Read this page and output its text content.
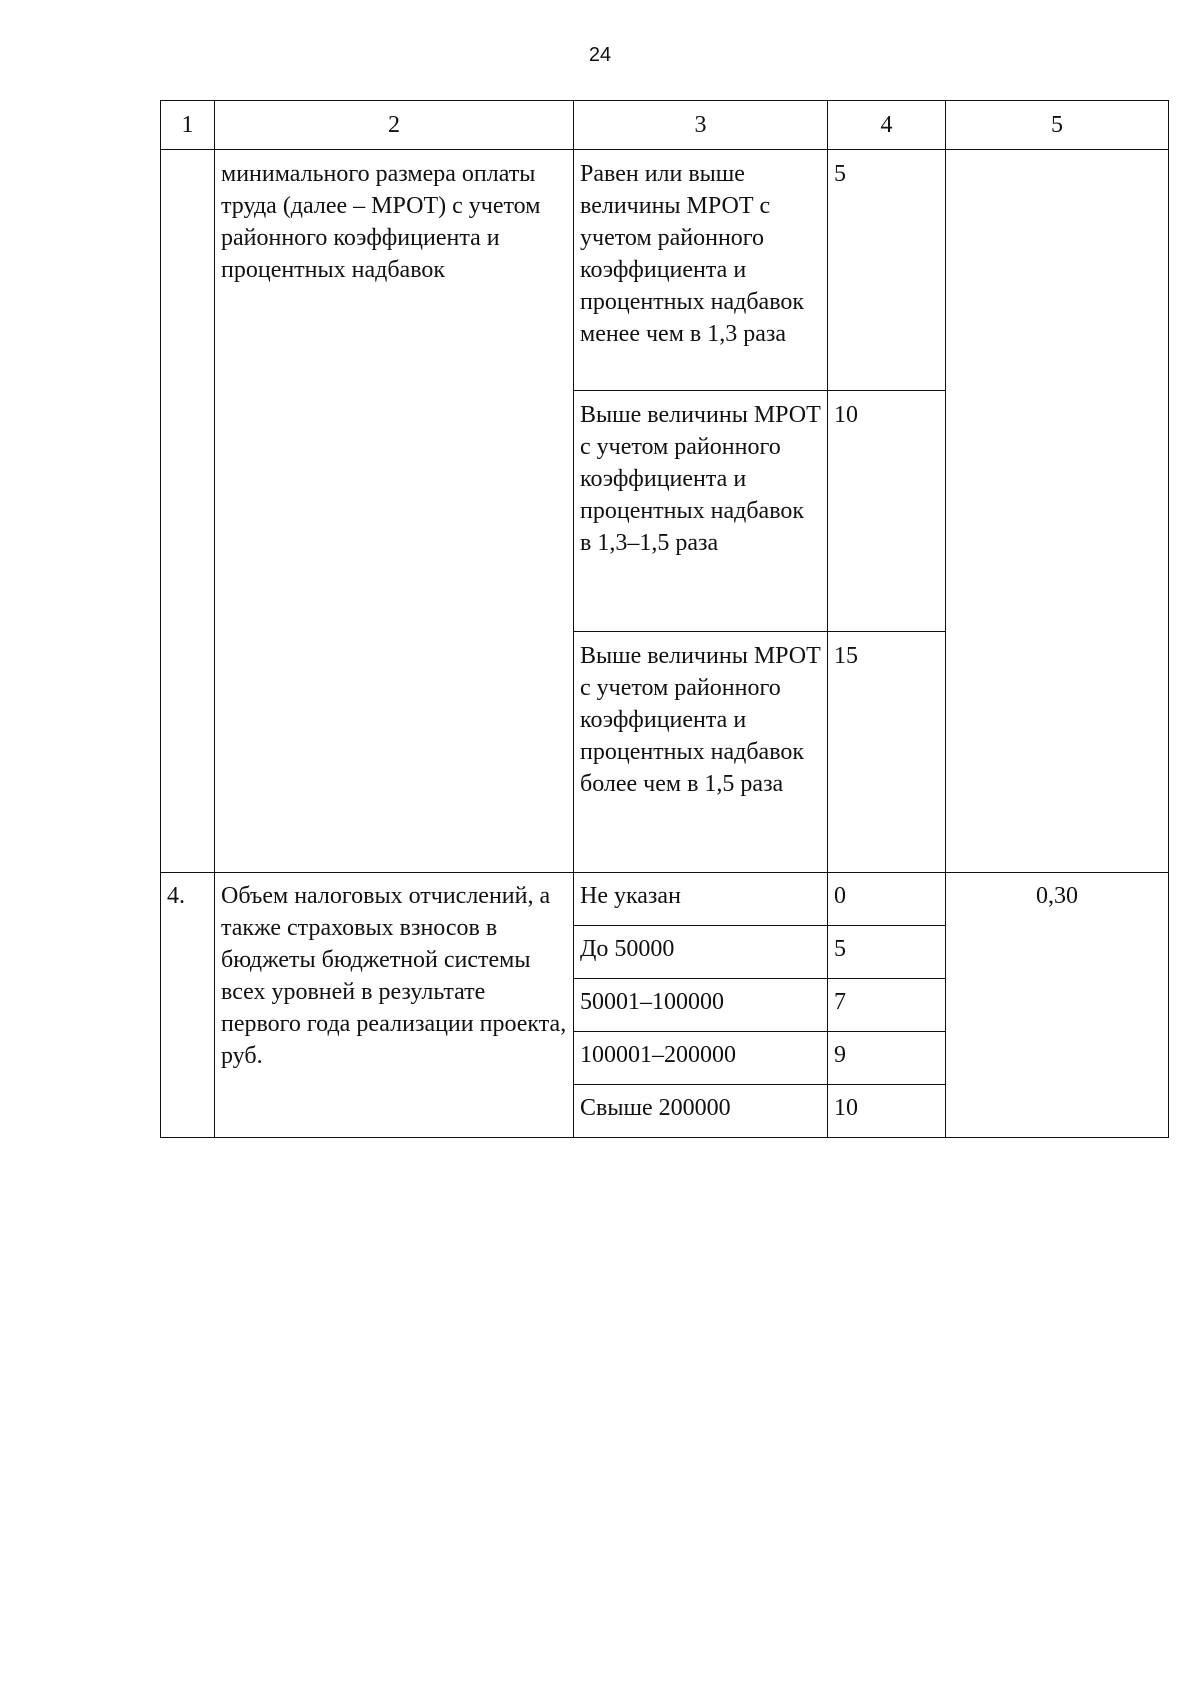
24
1	2	3	4	5
	минимального размера оплаты труда (далее – МРОТ) с учетом районного коэффициента и процентных надбавок	Равен или выше величины МРОТ с учетом районного коэффициента и процентных надбавок менее чем в 1,3 раза	5	
		Выше величины МРОТ с учетом районного коэффициента и процентных надбавок в 1,3–1,5 раза	10	
		Выше величины МРОТ с учетом районного коэффициента и процентных надбавок более чем в 1,5 раза	15	
4.	Объем налоговых отчислений, а также страховых взносов в бюджеты бюджетной системы всех уровней в результате первого года реализации проекта, руб.	Не указан	0	0,30
		До 50000	5	
		50001–100000	7	
		100001–200000	9	
		Свыше 200000	10	
